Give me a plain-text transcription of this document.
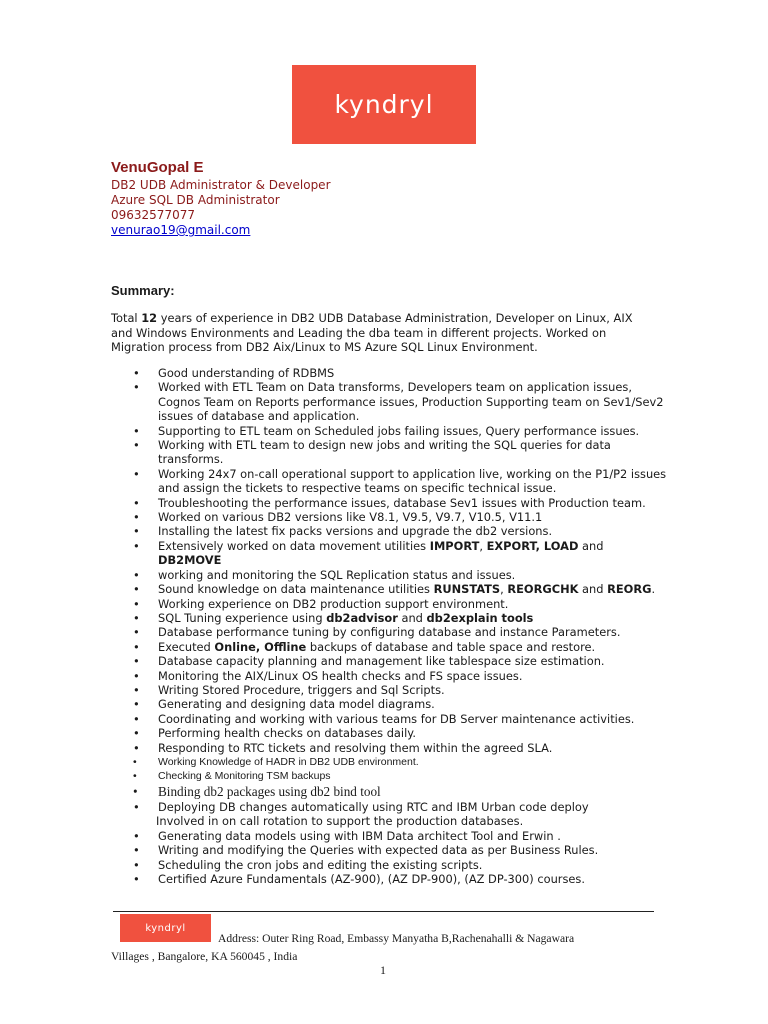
kyndryl
VenuGopal E
DB2 UDB Administrator & Developer
Azure SQL DB Administrator
09632577077
venurao19@gmail.com
Summary:
Total 12 years of experience in DB2 UDB Database Administration, Developer on Linux, AIX and Windows Environments and Leading the dba team in different projects. Worked on Migration process from DB2 Aix/Linux to MS Azure SQL Linux Environment.
• Good understanding of RDBMS
• Worked with ETL Team on Data transforms, Developers team on application issues, Cognos Team on Reports performance issues, Production Supporting team on Sev1/Sev2 issues of database and application.
• Supporting to ETL team on Scheduled jobs failing issues, Query performance issues.
• Working with ETL team to design new jobs and writing the SQL queries for data transforms.
• Working 24x7 on-call operational support to application live, working on the P1/P2 issues and assign the tickets to respective teams on specific technical issue.
• Troubleshooting the performance issues, database Sev1 issues with Production team.
• Worked on various DB2 versions like V8.1, V9.5, V9.7, V10.5, V11.1
• Installing the latest fix packs versions and upgrade the db2 versions.
• Extensively worked on data movement utilities IMPORT, EXPORT, LOAD and
DB2MOVE
• working and monitoring the SQL Replication status and issues.
• Sound knowledge on data maintenance utilities RUNSTATS, REORGCHK and REORG.
• Working experience on DB2 production support environment.
• SQL Tuning experience using db2advisor and db2explain tools
• Database performance tuning by configuring database and instance Parameters.
• Executed Online, Offline backups of database and table space and restore.
• Database capacity planning and management like tablespace size estimation.
• Monitoring the AIX/Linux OS health checks and FS space issues.
• Writing Stored Procedure, triggers and Sql Scripts.
• Generating and designing data model diagrams.
• Coordinating and working with various teams for DB Server maintenance activities.
• Performing health checks on databases daily.
• Responding to RTC tickets and resolving them within the agreed SLA.
• Working Knowledge of HADR in DB2 UDB environment.
• Checking & Monitoring TSM backups
• Binding db2 packages using db2 bind tool
• Deploying DB changes automatically using RTC and IBM Urban code deploy
Involved in on call rotation to support the production databases.
• Generating data models using with IBM Data architect Tool and Erwin .
• Writing and modifying the Queries with expected data as per Business Rules.
• Scheduling the cron jobs and editing the existing scripts.
• Certified Azure Fundamentals (AZ-900), (AZ DP-900), (AZ DP-300) courses.
kyndryl
Address: Outer Ring Road, Embassy Manyatha B,Rachenahalli & Nagawara
Villages , Bangalore, KA 560045 , India
1
